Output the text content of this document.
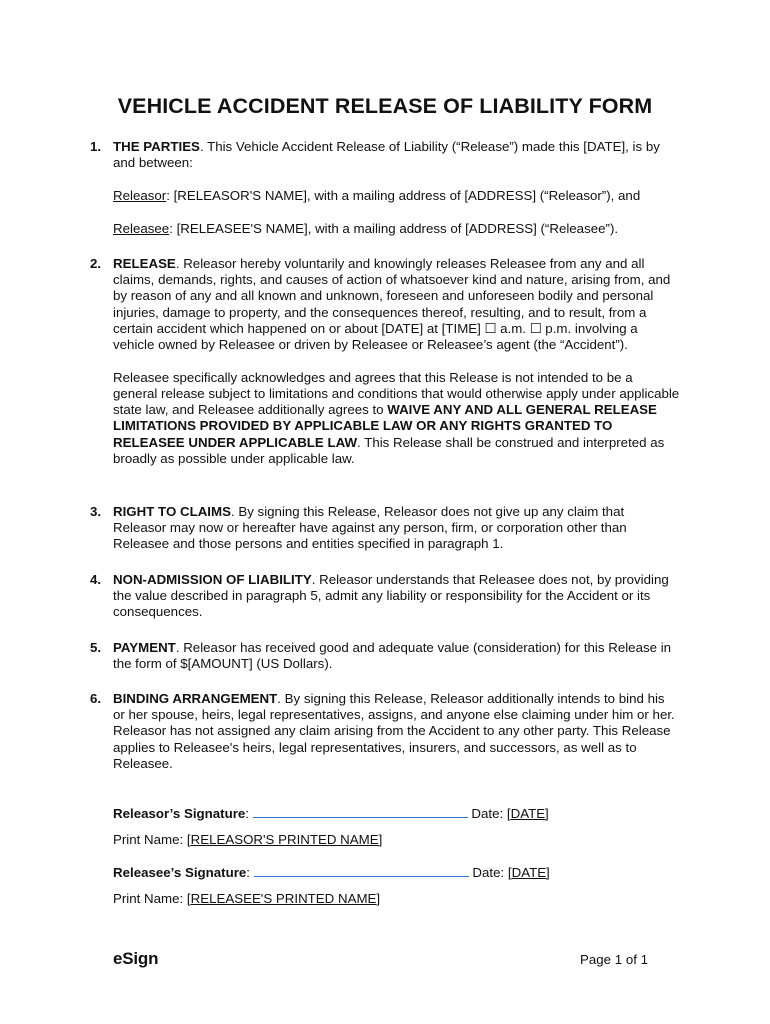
VEHICLE ACCIDENT RELEASE OF LIABILITY FORM
1. THE PARTIES. This Vehicle Accident Release of Liability (“Release”) made this [DATE], is by and between:

Releasor: [RELEASOR'S NAME], with a mailing address of [ADDRESS] (“Releasor”), and

Releasee: [RELEASEE'S NAME], with a mailing address of [ADDRESS] (“Releasee”).

2. RELEASE. Releasor hereby voluntarily and knowingly releases Releasee from any and all claims, demands, rights, and causes of action of whatsoever kind and nature, arising from, and by reason of any and all known and unknown, foreseen and unforeseen bodily and personal injuries, damage to property, and the consequences thereof, resulting, and to result, from a certain accident which happened on or about [DATE] at [TIME] ☐ a.m. ☐ p.m. involving a vehicle owned by Releasee or driven by Releasee or Releasee’s agent (the “Accident”).

Releasee specifically acknowledges and agrees that this Release is not intended to be a general release subject to limitations and conditions that would otherwise apply under applicable state law, and Releasee additionally agrees to WAIVE ANY AND ALL GENERAL RELEASE LIMITATIONS PROVIDED BY APPLICABLE LAW OR ANY RIGHTS GRANTED TO RELEASEE UNDER APPLICABLE LAW. This Release shall be construed and interpreted as broadly as possible under applicable law.

3. RIGHT TO CLAIMS. By signing this Release, Releasor does not give up any claim that Releasor may now or hereafter have against any person, firm, or corporation other than Releasee and those persons and entities specified in paragraph 1.

4. NON-ADMISSION OF LIABILITY. Releasor understands that Releasee does not, by providing the value described in paragraph 5, admit any liability or responsibility for the Accident or its consequences.

5. PAYMENT. Releasor has received good and adequate value (consideration) for this Release in the form of $[AMOUNT] (US Dollars).

6. BINDING ARRANGEMENT. By signing this Release, Releasor additionally intends to bind his or her spouse, heirs, legal representatives, assigns, and anyone else claiming under him or her. Releasor has not assigned any claim arising from the Accident to any other party. This Release applies to Releasee's heirs, legal representatives, insurers, and successors, as well as to Releasee.

Releasor’s Signature:	Date: [DATE]
Print Name: [RELEASOR'S PRINTED NAME]
Releasee’s Signature:	Date: [DATE]
Print Name: [RELEASEE'S PRINTED NAME]
eSign	Page 1 of 1
